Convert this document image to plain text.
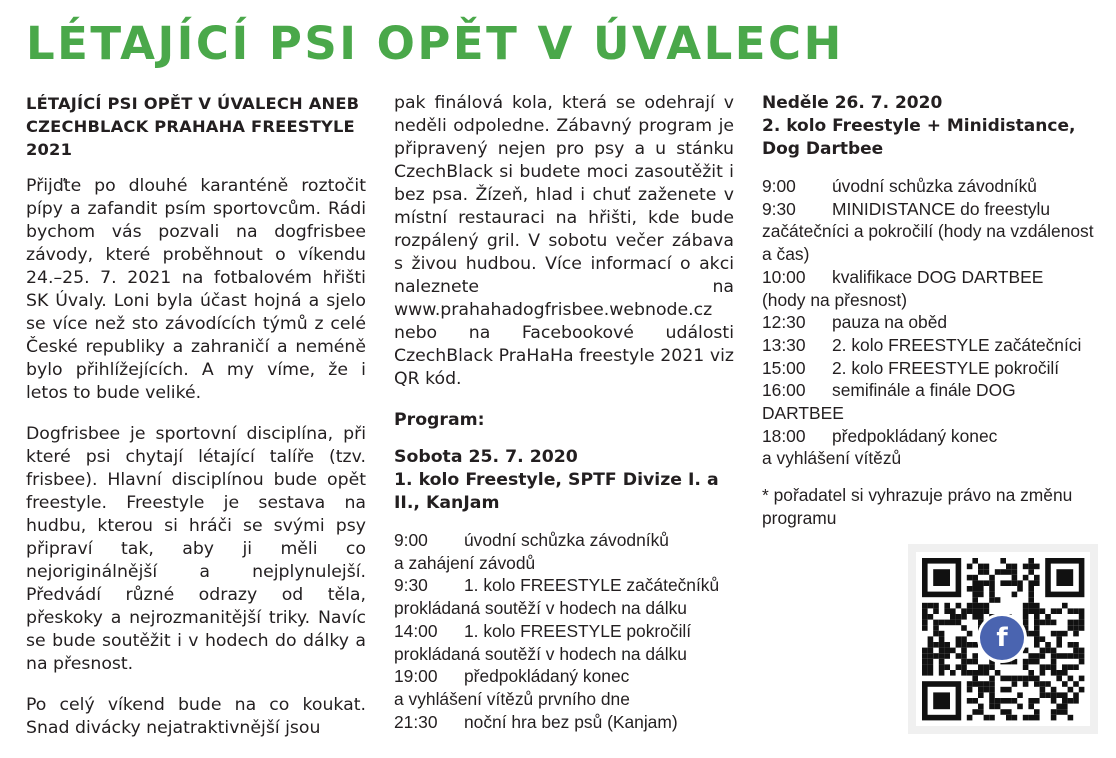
LÉTAJÍCÍ PSI OPĚT V ÚVALECH
LÉTAJÍCÍ PSI OPĚT V ÚVALECH ANEB CZECHBLACK PRAHAHA FREESTYLE 2021

Přijďte po dlouhé karanténě roztočit pípy a zafandit psím sportovcům. Rádi bychom vás pozvali na dogfrisbee závody, které proběhnout o víkendu 24.–25. 7. 2021 na fotbalovém hřišti SK Úvaly. Loni byla účast hojná a sjelo se více než sto závodících týmů z celé České republiky a zahraničí a neméně bylo přihlížejících. A my víme, že i letos to bude veliké.

Dogfrisbee je sportovní disciplína, při které psi chytají létající talíře (tzv. frisbee). Hlavní disciplínou bude opět freestyle. Freestyle je sestava na hudbu, kterou si hráči se svými psy připraví tak, aby ji měli co nejoriginálnější a nejplynulejší. Předvádí různé odrazy od těla, přeskoky a nejrozmanitější triky. Navíc se bude soutěžit i v hodech do dálky a na přesnost.

Po celý víkend bude na co koukat. Snad divácky nejatraktivnější jsou

pak finálová kola, která se odehrají v neděli odpoledne. Zábavný program je připravený nejen pro psy a u stánku CzechBlack si budete moci zasoutěžit i bez psa. Žízeň, hlad i chuť zaženete v místní restauraci na hřišti, kde bude rozpálený gril. V sobotu večer zábava s živou hudbou. Více informací o akci naleznete na www.prahahadogfrisbee.webnode.cz nebo na Facebookové události CzechBlack PraHaHa freestyle 2021 viz QR kód.

Program:
Sobota 25. 7. 2020
1. kolo Freestyle, SPTF Divize I. a II., KanJam
9:00 úvodní schůzka závodníků
a zahájení závodů
9:30 1. kolo FREESTYLE začátečníků
prokládaná soutěží v hodech na dálku
14:00 1. kolo FREESTYLE pokročilí
prokládaná soutěží v hodech na dálku
19:00 předpokládaný konec
a vyhlášení vítězů prvního dne
21:30 noční hra bez psů (Kanjam)
Neděle 26. 7. 2020
2. kolo Freestyle + Minidistance, Dog Dartbee
9:00 úvodní schůzka závodníků
9:30 MINIDISTANCE do freestylu
začátečníci a pokročilí (hody na vzdálenost a čas)
10:00 kvalifikace DOG DARTBEE
(hody na přesnost)
12:30 pauza na oběd
13:30 2. kolo FREESTYLE začátečníci
15:00 2. kolo FREESTYLE pokročilí
16:00 semifinále a finále DOG
DARTBEE
18:00 předpokládaný konec
a vyhlášení vítězů
* pořadatel si vyhrazuje právo na změnu programu
f
